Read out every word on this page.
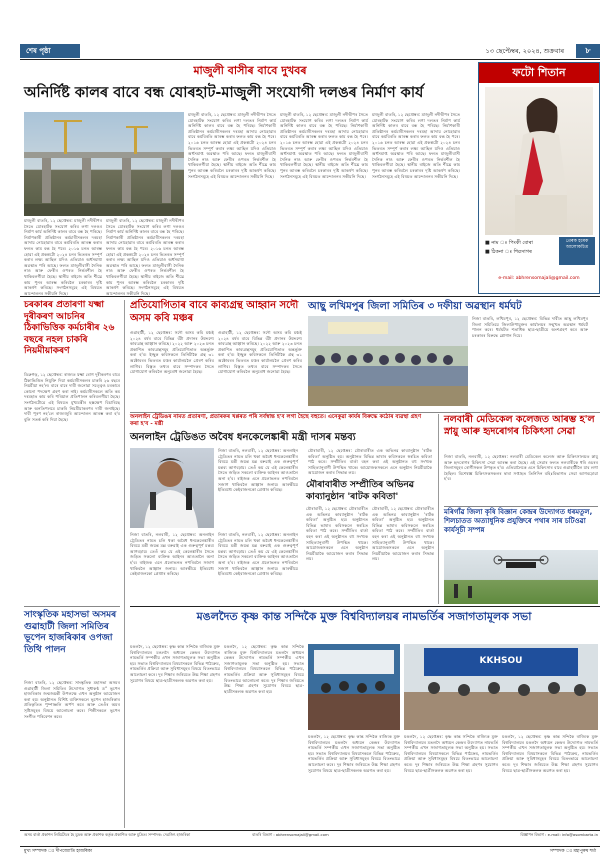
শেষ পৃষ্ঠা	১৩ ছেপ্টেম্বৰ, ২০২৪, শুক্ৰবাৰ	৮
মাজুলী বাসীৰ বাবে দুখবৰ
অনিৰ্দিষ্ট কালৰ বাবে বন্ধ যোৰহাট-মাজুলী সংযোগী দলঙৰ নিৰ্মাণ কাৰ্য
মাজুলী বাতৰি, ১২ ছেপ্তেম্বৰ: মাজুলী নদীদ্বীপৰ সৈতে যোৰহাটক সংযোগ কৰিব লগা দলঙৰ নিৰ্মাণ কাৰ্য অনিৰ্দিষ্ট কালৰ বাবে বন্ধ হৈ পৰিছে। নিৰ্মাণকাৰী প্ৰতিষ্ঠানৰ কৰ্মচাৰীসকলৰ দৰমহা আদায় নোহোৱাৰ বাবে কৰ্মবিৰতি আৰম্ভ কৰাৰ ফলত কাম বন্ধ হৈ পৰে। ২০১৬ চনত আৰম্ভ হোৱা এই প্ৰকল্পটো ২০২৪ চনৰ ভিতৰত সম্পূৰ্ণ কৰাৰ লক্ষ্য আছিল যদিও এতিয়াও অৰ্ধসমাপ্ত অৱস্থাত পৰি আছে। ফলত মাজুলীবাসী দৈনিক নাও আৰু ফেৰীৰ ওপৰত নিৰ্ভৰশীল হৈ থাকিবলগীয়া হৈছে। স্থানীয় ৰাইজে অতি শীঘ্ৰে কাম পুনৰ আৰম্ভ কৰিবলৈ চৰকাৰৰ দৃষ্টি আকৰ্ষণ কৰিছে। সংগঠনসমূহে এই বিষয়ত আন্দোলনৰ সকীয়নি দিছে।
মাজুলী বাতৰি, ১২ ছেপ্তেম্বৰ: মাজুলী নদীদ্বীপৰ সৈতে যোৰহাটক সংযোগ কৰিব লগা দলঙৰ নিৰ্মাণ কাৰ্য অনিৰ্দিষ্ট কালৰ বাবে বন্ধ হৈ পৰিছে। নিৰ্মাণকাৰী প্ৰতিষ্ঠানৰ কৰ্মচাৰীসকলৰ দৰমহা আদায় নোহোৱাৰ বাবে কৰ্মবিৰতি আৰম্ভ কৰাৰ ফলত কাম বন্ধ হৈ পৰে। ২০১৬ চনত আৰম্ভ হোৱা এই প্ৰকল্পটো ২০২৪ চনৰ ভিতৰত সম্পূৰ্ণ কৰাৰ লক্ষ্য আছিল যদিও এতিয়াও অৰ্ধসমাপ্ত অৱস্থাত পৰি আছে। ফলত মাজুলীবাসী দৈনিক নাও আৰু ফেৰীৰ ওপৰত নিৰ্ভৰশীল হৈ থাকিবলগীয়া হৈছে। স্থানীয় ৰাইজে অতি শীঘ্ৰে কাম পুনৰ আৰম্ভ কৰিবলৈ চৰকাৰৰ দৃষ্টি আকৰ্ষণ কৰিছে। সংগঠনসমূহে এই বিষয়ত আন্দোলনৰ সকীয়নি দিছে।
মাজুলী বাতৰি, ১২ ছেপ্তেম্বৰ: মাজুলী নদীদ্বীপৰ সৈতে যোৰহাটক সংযোগ কৰিব লগা দলঙৰ নিৰ্মাণ কাৰ্য অনিৰ্দিষ্ট কালৰ বাবে বন্ধ হৈ পৰিছে। নিৰ্মাণকাৰী প্ৰতিষ্ঠানৰ কৰ্মচাৰীসকলৰ দৰমহা আদায় নোহোৱাৰ বাবে কৰ্মবিৰতি আৰম্ভ কৰাৰ ফলত কাম বন্ধ হৈ পৰে। ২০১৬ চনত আৰম্ভ হোৱা এই প্ৰকল্পটো ২০২৪ চনৰ ভিতৰত সম্পূৰ্ণ কৰাৰ লক্ষ্য আছিল যদিও এতিয়াও অৰ্ধসমাপ্ত অৱস্থাত পৰি আছে। ফলত মাজুলীবাসী দৈনিক নাও আৰু ফেৰীৰ ওপৰত নিৰ্ভৰশীল হৈ থাকিবলগীয়া হৈছে। স্থানীয় ৰাইজে অতি শীঘ্ৰে কাম পুনৰ আৰম্ভ কৰিবলৈ চৰকাৰৰ দৃষ্টি আকৰ্ষণ কৰিছে। সংগঠনসমূহে এই বিষয়ত আন্দোলনৰ সকীয়নি দিছে।
মাজুলী বাতৰি, ১২ ছেপ্তেম্বৰ: মাজুলী নদীদ্বীপৰ সৈতে যোৰহাটক সংযোগ কৰিব লগা দলঙৰ নিৰ্মাণ কাৰ্য অনিৰ্দিষ্ট কালৰ বাবে বন্ধ হৈ পৰিছে। নিৰ্মাণকাৰী প্ৰতিষ্ঠানৰ কৰ্মচাৰীসকলৰ দৰমহা আদায় নোহোৱাৰ বাবে কৰ্মবিৰতি আৰম্ভ কৰাৰ ফলত কাম বন্ধ হৈ পৰে। ২০১৬ চনত আৰম্ভ হোৱা এই প্ৰকল্পটো ২০২৪ চনৰ ভিতৰত সম্পূৰ্ণ কৰাৰ লক্ষ্য আছিল যদিও এতিয়াও অৰ্ধসমাপ্ত অৱস্থাত পৰি আছে। ফলত মাজুলীবাসী দৈনিক নাও আৰু ফেৰীৰ ওপৰত নিৰ্ভৰশীল হৈ থাকিবলগীয়া হৈছে। স্থানীয় ৰাইজে অতি শীঘ্ৰে কাম পুনৰ আৰম্ভ কৰিবলৈ চৰকাৰৰ দৃষ্টি আকৰ্ষণ কৰিছে। সংগঠনসমূহে এই বিষয়ত আন্দোলনৰ সকীয়নি দিছে।
মাজুলী বাতৰি, ১২ ছেপ্তেম্বৰ: মাজুলী নদীদ্বীপৰ সৈতে যোৰহাটক সংযোগ কৰিব লগা দলঙৰ নিৰ্মাণ কাৰ্য অনিৰ্দিষ্ট কালৰ বাবে বন্ধ হৈ পৰিছে। নিৰ্মাণকাৰী প্ৰতিষ্ঠানৰ কৰ্মচাৰীসকলৰ দৰমহা আদায় নোহোৱাৰ বাবে কৰ্মবিৰতি আৰম্ভ কৰাৰ ফলত কাম বন্ধ হৈ পৰে। ২০১৬ চনত আৰম্ভ হোৱা এই প্ৰকল্পটো ২০২৪ চনৰ ভিতৰত সম্পূৰ্ণ কৰাৰ লক্ষ্য আছিল যদিও এতিয়াও অৰ্ধসমাপ্ত অৱস্থাত পৰি আছে। ফলত মাজুলীবাসী দৈনিক নাও আৰু ফেৰীৰ ওপৰত নিৰ্ভৰশীল হৈ থাকিবলগীয়া হৈছে। স্থানীয় ৰাইজে অতি শীঘ্ৰে কাম পুনৰ আৰম্ভ কৰিবলৈ চৰকাৰৰ দৃষ্টি আকৰ্ষণ কৰিছে। সংগঠনসমূহে এই বিষয়ত আন্দোলনৰ সকীয়নি দিছে।
ফটো শিতান
■ নাম ঃ পিংকী বোৰা
■ ঠিকনা ঃ শিৱসাগৰ
প্ৰেৰক হৰেক আলোকচিত্ৰ
e-mail: abhrensomajali@gmail.com
চৰকাৰৰ প্ৰতাৰণা যক্ষ্মা দূৰীকৰণ আচনিৰ ঠিকাভিত্তিক কৰ্মচাৰীৰ ২৬ বছৰে নহল চাকৰি নিয়মীয়াকৰণ
ডিব্ৰুগড়, ১২ ছেপ্তেম্বৰ: ৰাজ্যত যক্ষ্মা ৰোগ দূৰীকৰণৰ বাবে ঠিকাভিত্তিত নিযুক্তি দিয়া কৰ্মচাৰীসকলৰ চাকৰি ২৬ বছৰে নিয়মীয়া নহ'ল। বাৰে বাৰে দাবী জনোৱা সত্ত্বেও চৰকাৰে কোনো পদক্ষেপ গ্ৰহণ কৰা নাই। কৰ্মচাৰীসকলে অতি কম দৰমহাত কাম কৰি পৰিয়াল প্ৰতিপালন কৰিবলগীয়া হৈছে। সংগঠনটোৱে এই বিষয়ত মুখ্যমন্ত্ৰীৰ হস্তক্ষেপ বিচাৰিছে আৰু অনতিপলমে চাকৰি নিয়মীয়াকৰণৰ দাবী জনাইছে। দাবী পূৰণ নহ'লে ৰাজ্যজুৰি আন্দোলন আৰম্ভ কৰা হ'ব বুলি সতৰ্ক কৰি দিয়া হৈছে।
সাংস্কৃতিক মহাসভা অসমৰ গুৱাহাটী জিলা সমিতিৰ ভূপেন হাজৰিকাৰ ওপজা তিথি পালন
নিজা বাতৰি, ১২ ছেপ্তেম্বৰ: সাংস্কৃতিক মহাসভা অসমৰ গুৱাহাটী জিলা সমিতিৰ উদ্যোগত সুধাকণ্ঠ ড° ভূপেন হাজৰিকাৰ জন্মজয়ন্তী উপলক্ষে এখন অনুষ্ঠান আয়োজন কৰা হয়। অনুষ্ঠানত বিশিষ্ট ব্যক্তিসকলে ভূপেন হাজৰিকাৰ প্ৰতিকৃতিত পুষ্পাঞ্জলি অৰ্পণ কৰে আৰু তেওঁৰ অমৰ সৃষ্টিসমূহৰ বিষয়ে আলোচনা কৰে। শিল্পীসকলে ভূপেন সংগীত পৰিবেশন কৰে।
প্ৰতিযোগিতাৰ বাবে কাব্যগ্ৰন্থ আহ্বান সদৌ অসম কবি মঞ্চৰ
গুৱাহাটী, ১২ ছেপ্তেম্বৰ: সদৌ অসম কবি মঞ্চই ২০২৪ বৰ্ষৰ বাবে বিভিন্ন বঁটা প্ৰদানৰ উদ্দেশ্যে কাব্যগ্ৰন্থ আহ্বান কৰিছে। ২০২২ আৰু ২০২৩ চনত প্ৰকাশিত কাব্যগ্ৰন্থসমূহ প্ৰতিযোগিতাত অন্তৰ্ভুক্ত কৰা হ'ব। ইচ্ছুক কবিসকলে তিনিটাকৈ গ্ৰন্থ ৩১ অক্টোবৰৰ ভিতৰত মঞ্চৰ কাৰ্যালয়লৈ প্ৰেৰণ কৰিব লাগিব। বিস্তৃত তথ্যৰ বাবে সম্পাদকৰ সৈতে যোগাযোগ কৰিবলৈ অনুৰোধ জনোৱা হৈছে।
গুৱাহাটী, ১২ ছেপ্তেম্বৰ: সদৌ অসম কবি মঞ্চই ২০২৪ বৰ্ষৰ বাবে বিভিন্ন বঁটা প্ৰদানৰ উদ্দেশ্যে কাব্যগ্ৰন্থ আহ্বান কৰিছে। ২০২২ আৰু ২০২৩ চনত প্ৰকাশিত কাব্যগ্ৰন্থসমূহ প্ৰতিযোগিতাত অন্তৰ্ভুক্ত কৰা হ'ব। ইচ্ছুক কবিসকলে তিনিটাকৈ গ্ৰন্থ ৩১ অক্টোবৰৰ ভিতৰত মঞ্চৰ কাৰ্যালয়লৈ প্ৰেৰণ কৰিব লাগিব। বিস্তৃত তথ্যৰ বাবে সম্পাদকৰ সৈতে যোগাযোগ কৰিবলৈ অনুৰোধ জনোৱা হৈছে।
আছু লখিমপুৰ জিলা সমিতিৰ ৩ দফীয়া অৱস্থান ধৰ্মঘট
নিজা বাতৰি, লখিমপুৰ, ১২ ছেপ্তেম্বৰ: বিভিন্ন দাবীত আছু লখিমপুৰ জিলা সমিতিয়ে জিলাউপায়ুক্তৰ কাৰ্যালয়ৰ সন্মুখত অৱস্থান ধৰ্মঘট পালন কৰে। ধৰ্মঘটত শতাধিক ছাত্ৰ-ছাত্ৰীয়ে অংশগ্ৰহণ কৰে আৰু চৰকাৰৰ বিৰুদ্ধে শ্লোগান দিয়ে।
অনলাইন ট্ৰেডিঙৰ নামত প্ৰতাৰণা, প্ৰতাৰকৰ খপ্পৰত পৰি সৰ্বস্বান্ত হ'ব লগা হৈছে বহুতে। এনেকুৱা কাৰ্যৰ বিৰুদ্ধে কঠোৰ ব্যৱস্থা গ্ৰহণ কৰা হ'ব - মন্ত্ৰী
অনলাইন ট্ৰেডিঙত অবৈধ ধনকেলেঙ্কাৰী মন্ত্ৰী দাসৰ মন্তব্য
নিজা বাতৰি, নলবাৰী, ১২ ছেপ্তেম্বৰ: অনলাইন ট্ৰেডিঙৰ নামত চলি থকা অবৈধ ধনকেলেঙ্কাৰীৰ বিষয়ে মন্ত্ৰী জয়ন্ত মল্ল বৰুৱাই এক গুৰুত্বপূৰ্ণ মন্তব্য আগবঢ়ায়। তেওঁ কয় যে এই কেলেঙ্কাৰীৰ সৈতে জড়িত সকলো ব্যক্তিক আইনৰ আওতালৈ অনা হ'ব। ৰাইজক এনে প্ৰলোভনত নপৰিবলৈ সজাগ থাকিবলৈ আহ্বান জনায়। আৰক্ষীয়ে ইতিমধ্যে কেইবাজনকো গ্ৰেপ্তাৰ কৰিছে।
নিজা বাতৰি, নলবাৰী, ১২ ছেপ্তেম্বৰ: অনলাইন ট্ৰেডিঙৰ নামত চলি থকা অবৈধ ধনকেলেঙ্কাৰীৰ বিষয়ে মন্ত্ৰী জয়ন্ত মল্ল বৰুৱাই এক গুৰুত্বপূৰ্ণ মন্তব্য আগবঢ়ায়। তেওঁ কয় যে এই কেলেঙ্কাৰীৰ সৈতে জড়িত সকলো ব্যক্তিক আইনৰ আওতালৈ অনা হ'ব। ৰাইজক এনে প্ৰলোভনত নপৰিবলৈ সজাগ থাকিবলৈ আহ্বান জনায়। আৰক্ষীয়ে ইতিমধ্যে কেইবাজনকো গ্ৰেপ্তাৰ কৰিছে।
নিজা বাতৰি, নলবাৰী, ১২ ছেপ্তেম্বৰ: অনলাইন ট্ৰেডিঙৰ নামত চলি থকা অবৈধ ধনকেলেঙ্কাৰীৰ বিষয়ে মন্ত্ৰী জয়ন্ত মল্ল বৰুৱাই এক গুৰুত্বপূৰ্ণ মন্তব্য আগবঢ়ায়। তেওঁ কয় যে এই কেলেঙ্কাৰীৰ সৈতে জড়িত সকলো ব্যক্তিক আইনৰ আওতালৈ অনা হ'ব। ৰাইজক এনে প্ৰলোভনত নপৰিবলৈ সজাগ থাকিবলৈ আহ্বান জনায়। আৰক্ষীয়ে ইতিমধ্যে কেইবাজনকো গ্ৰেপ্তাৰ কৰিছে।
মৌৰাবাৰী, ১২ ছেপ্তেম্বৰ: মৌৰাবাৰীত এক অভিনৱ কাব্যানুষ্ঠান 'ৰাটক কবিতা' অনুষ্ঠিত হয়। অনুষ্ঠানত বিভিন্ন ভাষাৰ কবিসকলে স্বৰচিত কবিতা পাঠ কৰে। সম্প্ৰীতিৰ বাৰ্তা বহন কৰা এই অনুষ্ঠানত বহু সংখ্যক সাহিত্যানুৰাগী উপস্থিত থাকে। আয়োজকসকলে এনে অনুষ্ঠান নিয়মীয়াকৈ আয়োজন কৰাৰ সিদ্ধান্ত লয়।
মৌৰাবাৰীত সম্প্ৰীতিৰ অভিনৱ কাব্যানুষ্ঠান 'ৰাটক কবিতা'
মৌৰাবাৰী, ১২ ছেপ্তেম্বৰ: মৌৰাবাৰীত এক অভিনৱ কাব্যানুষ্ঠান 'ৰাটক কবিতা' অনুষ্ঠিত হয়। অনুষ্ঠানত বিভিন্ন ভাষাৰ কবিসকলে স্বৰচিত কবিতা পাঠ কৰে। সম্প্ৰীতিৰ বাৰ্তা বহন কৰা এই অনুষ্ঠানত বহু সংখ্যক সাহিত্যানুৰাগী উপস্থিত থাকে। আয়োজকসকলে এনে অনুষ্ঠান নিয়মীয়াকৈ আয়োজন কৰাৰ সিদ্ধান্ত লয়।
মৌৰাবাৰী, ১২ ছেপ্তেম্বৰ: মৌৰাবাৰীত এক অভিনৱ কাব্যানুষ্ঠান 'ৰাটক কবিতা' অনুষ্ঠিত হয়। অনুষ্ঠানত বিভিন্ন ভাষাৰ কবিসকলে স্বৰচিত কবিতা পাঠ কৰে। সম্প্ৰীতিৰ বাৰ্তা বহন কৰা এই অনুষ্ঠানত বহু সংখ্যক সাহিত্যানুৰাগী উপস্থিত থাকে। আয়োজকসকলে এনে অনুষ্ঠান নিয়মীয়াকৈ আয়োজন কৰাৰ সিদ্ধান্ত লয়।
নলবাৰী মেডিকেল কলেজত আৰম্ভ হ'ল স্নায়ু আৰু হৃদৰোগৰ চিকিৎসা সেৱা
নিজা বাতৰি, নলবাৰী, ১২ ছেপ্তেম্বৰ: নলবাৰী মেডিকেল কলেজ আৰু চিকিৎসালয়ত স্নায়ু আৰু হৃদৰোগৰ চিকিৎসা সেৱা আৰম্ভ কৰা হৈছে। এই সেৱাৰ ফলত নলবাৰীকে ধৰি ওচৰৰ জিলাসমূহৰ ৰোগীসকল উপকৃত হ'ব। এতিয়ালৈকে এনে চিকিৎসাৰ বাবে গুৱাহাটীলৈ যাব লগা হৈছিল। বিশেষজ্ঞ চিকিৎসকসকলৰ দ্বাৰা সপ্তাহত তিনিদিন বহিঃবিভাগত সেৱা আগবঢ়োৱা হ'ব।
মৰিগাঁৱ জিলা কৃষি বিজ্ঞান কেন্দ্ৰৰ উদ্যোগত ধৰমতুল, শিলচাতত অত্যাধুনিক প্ৰযুক্তিৰে পথাৰ সাৰ চটিওৱা কাৰ্যসূচী সম্পন্ন
মঙলদৈত কৃষ্ণ কান্ত সন্দিকৈ মুক্ত বিশ্ববিদ্যালয়ৰ নামভৰ্তিৰ সজাগতামূলক সভা
মঙলদৈ, ১২ ছেপ্তেম্বৰ: কৃষ্ণ কান্ত সন্দিকৈ ৰাজ্যিক মুক্ত বিশ্ববিদ্যালয়ৰ মঙলদৈ অধ্যয়ন কেন্দ্ৰৰ উদ্যোগত নামভৰ্তি সম্পৰ্কীয় এখন সজাগতামূলক সভা অনুষ্ঠিত হয়। সভাত বিশ্ববিদ্যালয়ৰ বিষয়াসকলে বিভিন্ন পাঠ্যক্ৰম, নামভৰ্তিৰ প্ৰক্ৰিয়া আৰু সুবিধাসমূহৰ বিষয়ে বিতংভাৱে আলোচনা কৰে। দূৰ শিক্ষাৰ জৰিয়তে উচ্চ শিক্ষা গ্ৰহণৰ সুযোগৰ বিষয়ে ছাত্ৰ-ছাত্ৰীসকলক অৱগত কৰা হয়।
মঙলদৈ, ১২ ছেপ্তেম্বৰ: কৃষ্ণ কান্ত সন্দিকৈ ৰাজ্যিক মুক্ত বিশ্ববিদ্যালয়ৰ মঙলদৈ অধ্যয়ন কেন্দ্ৰৰ উদ্যোগত নামভৰ্তি সম্পৰ্কীয় এখন সজাগতামূলক সভা অনুষ্ঠিত হয়। সভাত বিশ্ববিদ্যালয়ৰ বিষয়াসকলে বিভিন্ন পাঠ্যক্ৰম, নামভৰ্তিৰ প্ৰক্ৰিয়া আৰু সুবিধাসমূহৰ বিষয়ে বিতংভাৱে আলোচনা কৰে। দূৰ শিক্ষাৰ জৰিয়তে উচ্চ শিক্ষা গ্ৰহণৰ সুযোগৰ বিষয়ে ছাত্ৰ-ছাত্ৰীসকলক অৱগত কৰা হয়।
KKHSOU
মঙলদৈ, ১২ ছেপ্তেম্বৰ: কৃষ্ণ কান্ত সন্দিকৈ ৰাজ্যিক মুক্ত বিশ্ববিদ্যালয়ৰ মঙলদৈ অধ্যয়ন কেন্দ্ৰৰ উদ্যোগত নামভৰ্তি সম্পৰ্কীয় এখন সজাগতামূলক সভা অনুষ্ঠিত হয়। সভাত বিশ্ববিদ্যালয়ৰ বিষয়াসকলে বিভিন্ন পাঠ্যক্ৰম, নামভৰ্তিৰ প্ৰক্ৰিয়া আৰু সুবিধাসমূহৰ বিষয়ে বিতংভাৱে আলোচনা কৰে। দূৰ শিক্ষাৰ জৰিয়তে উচ্চ শিক্ষা গ্ৰহণৰ সুযোগৰ বিষয়ে ছাত্ৰ-ছাত্ৰীসকলক অৱগত কৰা হয়।
মঙলদৈ, ১২ ছেপ্তেম্বৰ: কৃষ্ণ কান্ত সন্দিকৈ ৰাজ্যিক মুক্ত বিশ্ববিদ্যালয়ৰ মঙলদৈ অধ্যয়ন কেন্দ্ৰৰ উদ্যোগত নামভৰ্তি সম্পৰ্কীয় এখন সজাগতামূলক সভা অনুষ্ঠিত হয়। সভাত বিশ্ববিদ্যালয়ৰ বিষয়াসকলে বিভিন্ন পাঠ্যক্ৰম, নামভৰ্তিৰ প্ৰক্ৰিয়া আৰু সুবিধাসমূহৰ বিষয়ে বিতংভাৱে আলোচনা কৰে। দূৰ শিক্ষাৰ জৰিয়তে উচ্চ শিক্ষা গ্ৰহণৰ সুযোগৰ বিষয়ে ছাত্ৰ-ছাত্ৰীসকলক অৱগত কৰা হয়।
মঙলদৈ, ১২ ছেপ্তেম্বৰ: কৃষ্ণ কান্ত সন্দিকৈ ৰাজ্যিক মুক্ত বিশ্ববিদ্যালয়ৰ মঙলদৈ অধ্যয়ন কেন্দ্ৰৰ উদ্যোগত নামভৰ্তি সম্পৰ্কীয় এখন সজাগতামূলক সভা অনুষ্ঠিত হয়। সভাত বিশ্ববিদ্যালয়ৰ বিষয়াসকলে বিভিন্ন পাঠ্যক্ৰম, নামভৰ্তিৰ প্ৰক্ৰিয়া আৰু সুবিধাসমূহৰ বিষয়ে বিতংভাৱে আলোচনা কৰে। দূৰ শিক্ষাৰ জৰিয়তে উচ্চ শিক্ষা গ্ৰহণৰ সুযোগৰ বিষয়ে ছাত্ৰ-ছাত্ৰীসকলক অৱগত কৰা হয়।
অসম বাৰ্তা প্ৰকাশন লিমিটেডৰ হৈ মুদ্ৰক আৰু প্ৰকাশক কৰ্তৃক প্ৰকাশিত আৰু মুদ্ৰিত। সম্পাদক: দেৱজিৎ হাজৰিকা	বাতৰি বিভাগ : abhrensomajali@gmail.com	বিজ্ঞাপন বিভাগ : e-mail: info@asombarta.in
মুখ্য সম্পাদক ঃ দীপজ্যোতি হাজৰিকা	সম্পাদক ঃ মহাপুৰুষ শৰ্মা
